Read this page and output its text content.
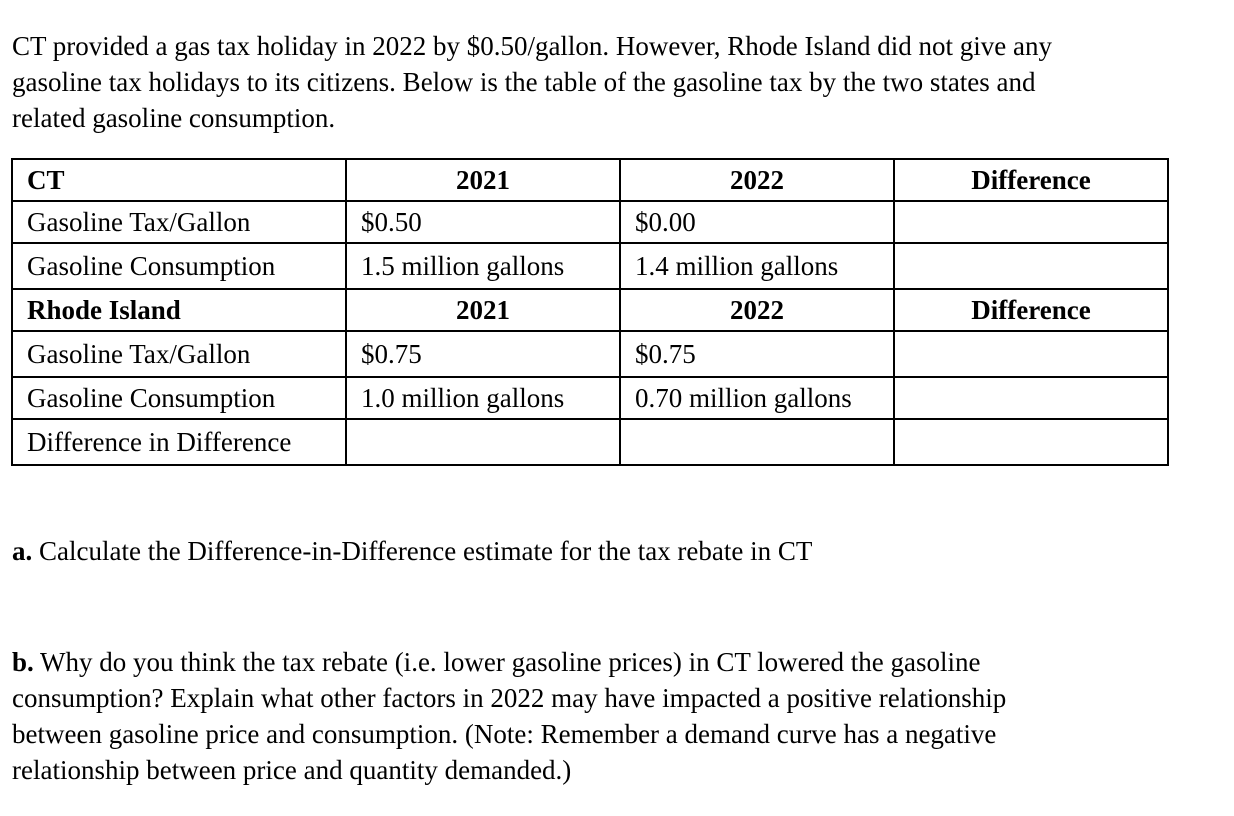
CT provided a gas tax holiday in 2022 by $0.50/gallon. However, Rhode Island did not give any
gasoline tax holidays to its citizens. Below is the table of the gasoline tax by the two states and
related gasoline consumption.

CT	2021	2022	Difference
Gasoline Tax/Gallon	$0.50	$0.00	
Gasoline Consumption	1.5 million gallons	1.4 million gallons	
Rhode Island	2021	2022	Difference
Gasoline Tax/Gallon	$0.75	$0.75	
Gasoline Consumption	1.0 million gallons	0.70 million gallons	
Difference in Difference			

a. Calculate the Difference-in-Difference estimate for the tax rebate in CT

b. Why do you think the tax rebate (i.e. lower gasoline prices) in CT lowered the gasoline
consumption? Explain what other factors in 2022 may have impacted a positive relationship
between gasoline price and consumption. (Note: Remember a demand curve has a negative
relationship between price and quantity demanded.)
